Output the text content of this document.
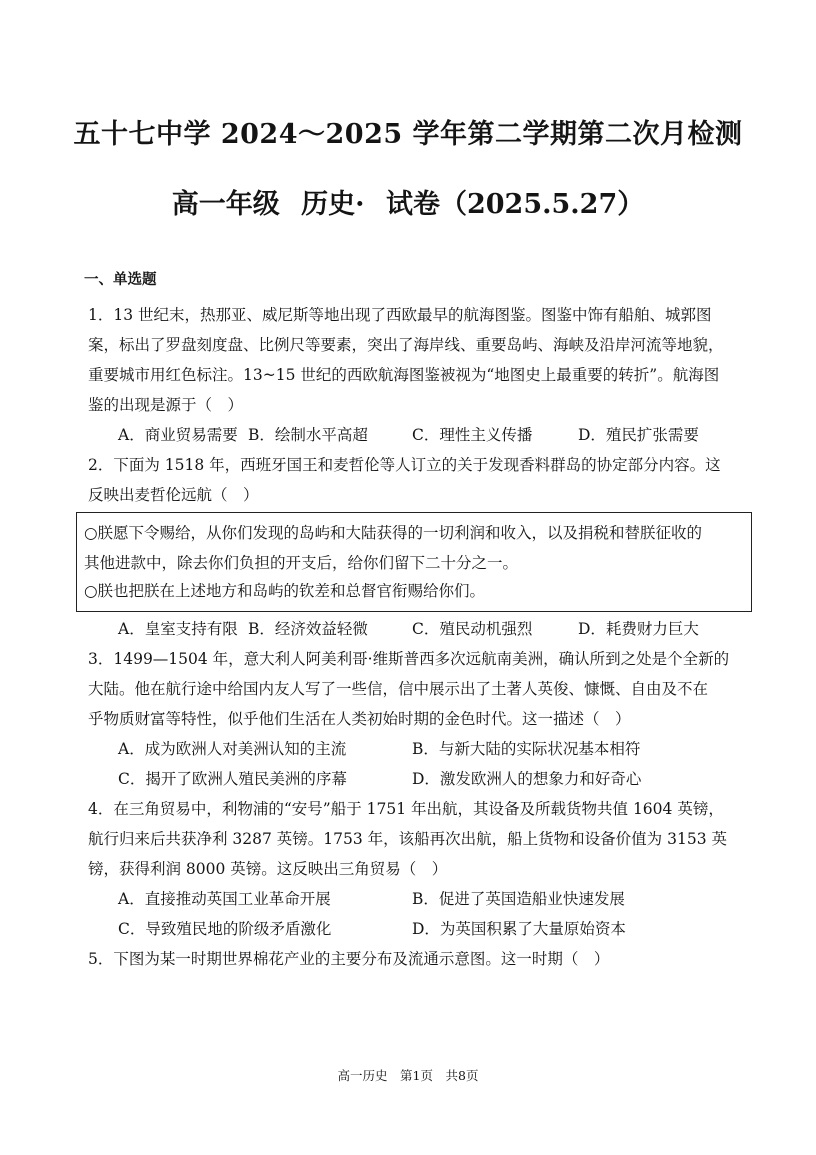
五十七中学 2024～2025 学年第二学期第二次月检测
高一年级 历史· 试卷（2025.5.27）
一、单选题
1．13 世纪末，热那亚、威尼斯等地出现了西欧最早的航海图鉴。图鉴中饰有船舶、城郭图
案，标出了罗盘刻度盘、比例尺等要素，突出了海岸线、重要岛屿、海峡及沿岸河流等地貌，
重要城市用红色标注。13~15 世纪的西欧航海图鉴被视为“地图史上最重要的转折”。航海图
鉴的出现是源于（　）
A．商业贸易需要 B．绘制水平高超	C．理性主义传播	D．殖民扩张需要
2．下面为 1518 年，西班牙国王和麦哲伦等人订立的关于发现香料群岛的协定部分内容。这
反映出麦哲伦远航（　）
○朕愿下令赐给，从你们发现的岛屿和大陆获得的一切利润和收入，以及捐税和替朕征收的
其他进款中，除去你们负担的开支后，给你们留下二十分之一。
○朕也把朕在上述地方和岛屿的钦差和总督官衔赐给你们。
A．皇室支持有限 B．经济效益轻微	C．殖民动机强烈	D．耗费财力巨大
3．1499—1504 年，意大利人阿美利哥·维斯普西多次远航南美洲，确认所到之处是个全新的
大陆。他在航行途中给国内友人写了一些信，信中展示出了土著人英俊、慷慨、自由及不在
乎物质财富等特性，似乎他们生活在人类初始时期的金色时代。这一描述（　）
A．成为欧洲人对美洲认知的主流	B．与新大陆的实际状况基本相符
C．揭开了欧洲人殖民美洲的序幕	D．激发欧洲人的想象力和好奇心
4．在三角贸易中，利物浦的“安号”船于 1751 年出航，其设备及所载货物共值 1604 英镑，
航行归来后共获净利 3287 英镑。1753 年，该船再次出航，船上货物和设备价值为 3153 英
镑，获得利润 8000 英镑。这反映出三角贸易（　）
A．直接推动英国工业革命开展	B．促进了英国造船业快速发展
C．导致殖民地的阶级矛盾激化	D．为英国积累了大量原始资本
5．下图为某一时期世界棉花产业的主要分布及流通示意图。这一时期（　）
高一历史　第1页　共8页
